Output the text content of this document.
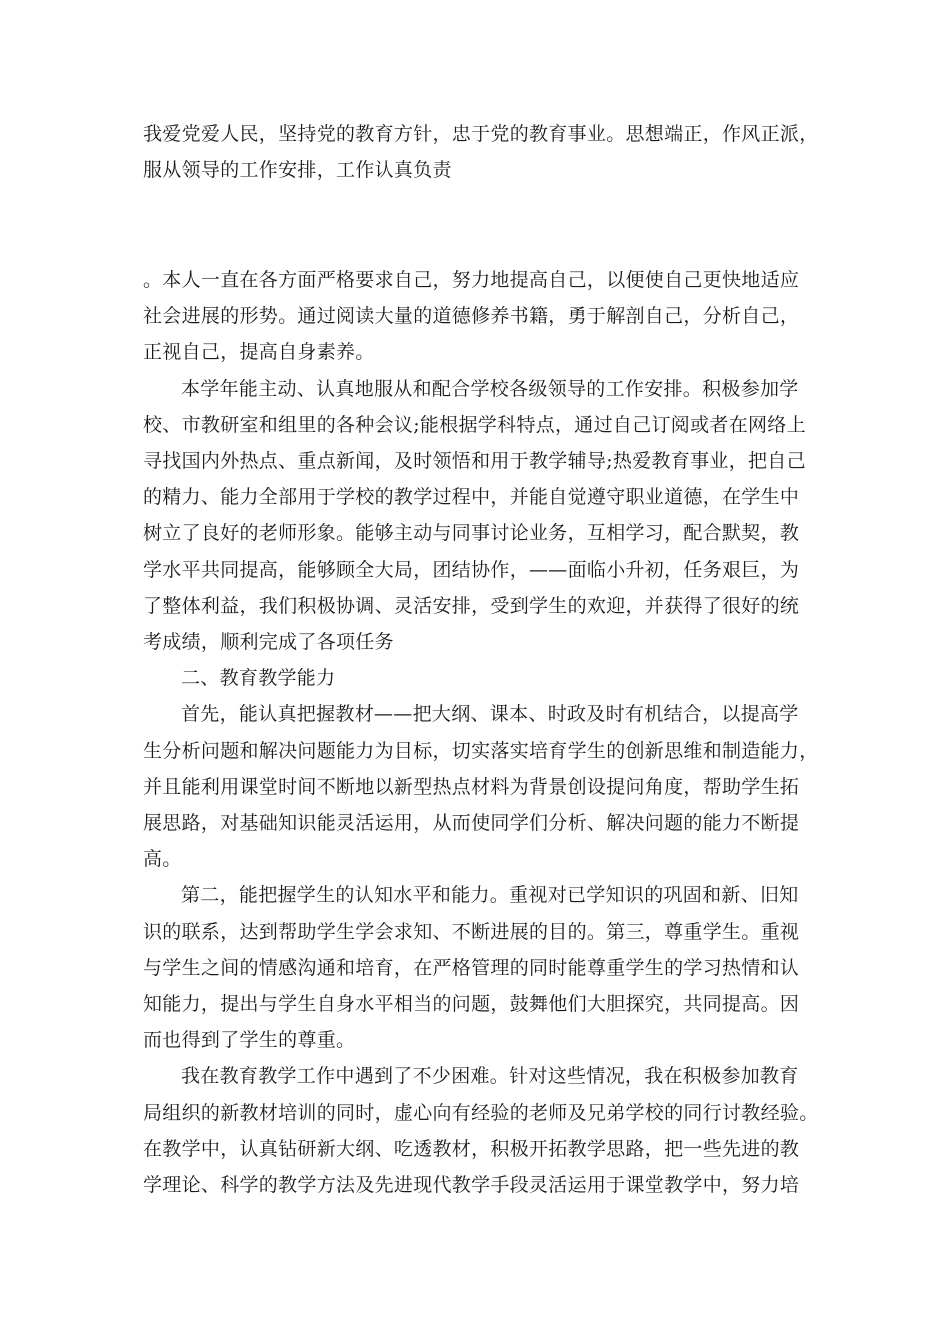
我爱党爱人民，坚持党的教育方针，忠于党的教育事业。思想端正，作风正派，
服从领导的工作安排，工作认真负责

。本人一直在各方面严格要求自己，努力地提高自己，以便使自己更快地适应
社会进展的形势。通过阅读大量的道德修养书籍，勇于解剖自己，分析自己，
正视自己，提高自身素养。

本学年能主动、认真地服从和配合学校各级领导的工作安排。积极参加学
校、市教研室和组里的各种会议;能根据学科特点，通过自己订阅或者在网络上
寻找国内外热点、重点新闻，及时领悟和用于教学辅导;热爱教育事业，把自己
的精力、能力全部用于学校的教学过程中，并能自觉遵守职业道德，在学生中
树立了良好的老师形象。能够主动与同事讨论业务，互相学习，配合默契，教
学水平共同提高，能够顾全大局，团结协作，——面临小升初，任务艰巨，为
了整体利益，我们积极协调、灵活安排，受到学生的欢迎，并获得了很好的统
考成绩，顺利完成了各项任务

二、教育教学能力

首先，能认真把握教材——把大纲、课本、时政及时有机结合，以提高学
生分析问题和解决问题能力为目标，切实落实培育学生的创新思维和制造能力，
并且能利用课堂时间不断地以新型热点材料为背景创设提问角度，帮助学生拓
展思路，对基础知识能灵活运用，从而使同学们分析、解决问题的能力不断提
高。

第二，能把握学生的认知水平和能力。重视对已学知识的巩固和新、旧知
识的联系，达到帮助学生学会求知、不断进展的目的。第三，尊重学生。重视
与学生之间的情感沟通和培育，在严格管理的同时能尊重学生的学习热情和认
知能力，提出与学生自身水平相当的问题，鼓舞他们大胆探究，共同提高。因
而也得到了学生的尊重。

我在教育教学工作中遇到了不少困难。针对这些情况，我在积极参加教育
局组织的新教材培训的同时，虚心向有经验的老师及兄弟学校的同行讨教经验。
在教学中，认真钻研新大纲、吃透教材，积极开拓教学思路，把一些先进的教
学理论、科学的教学方法及先进现代教学手段灵活运用于课堂教学中，努力培
